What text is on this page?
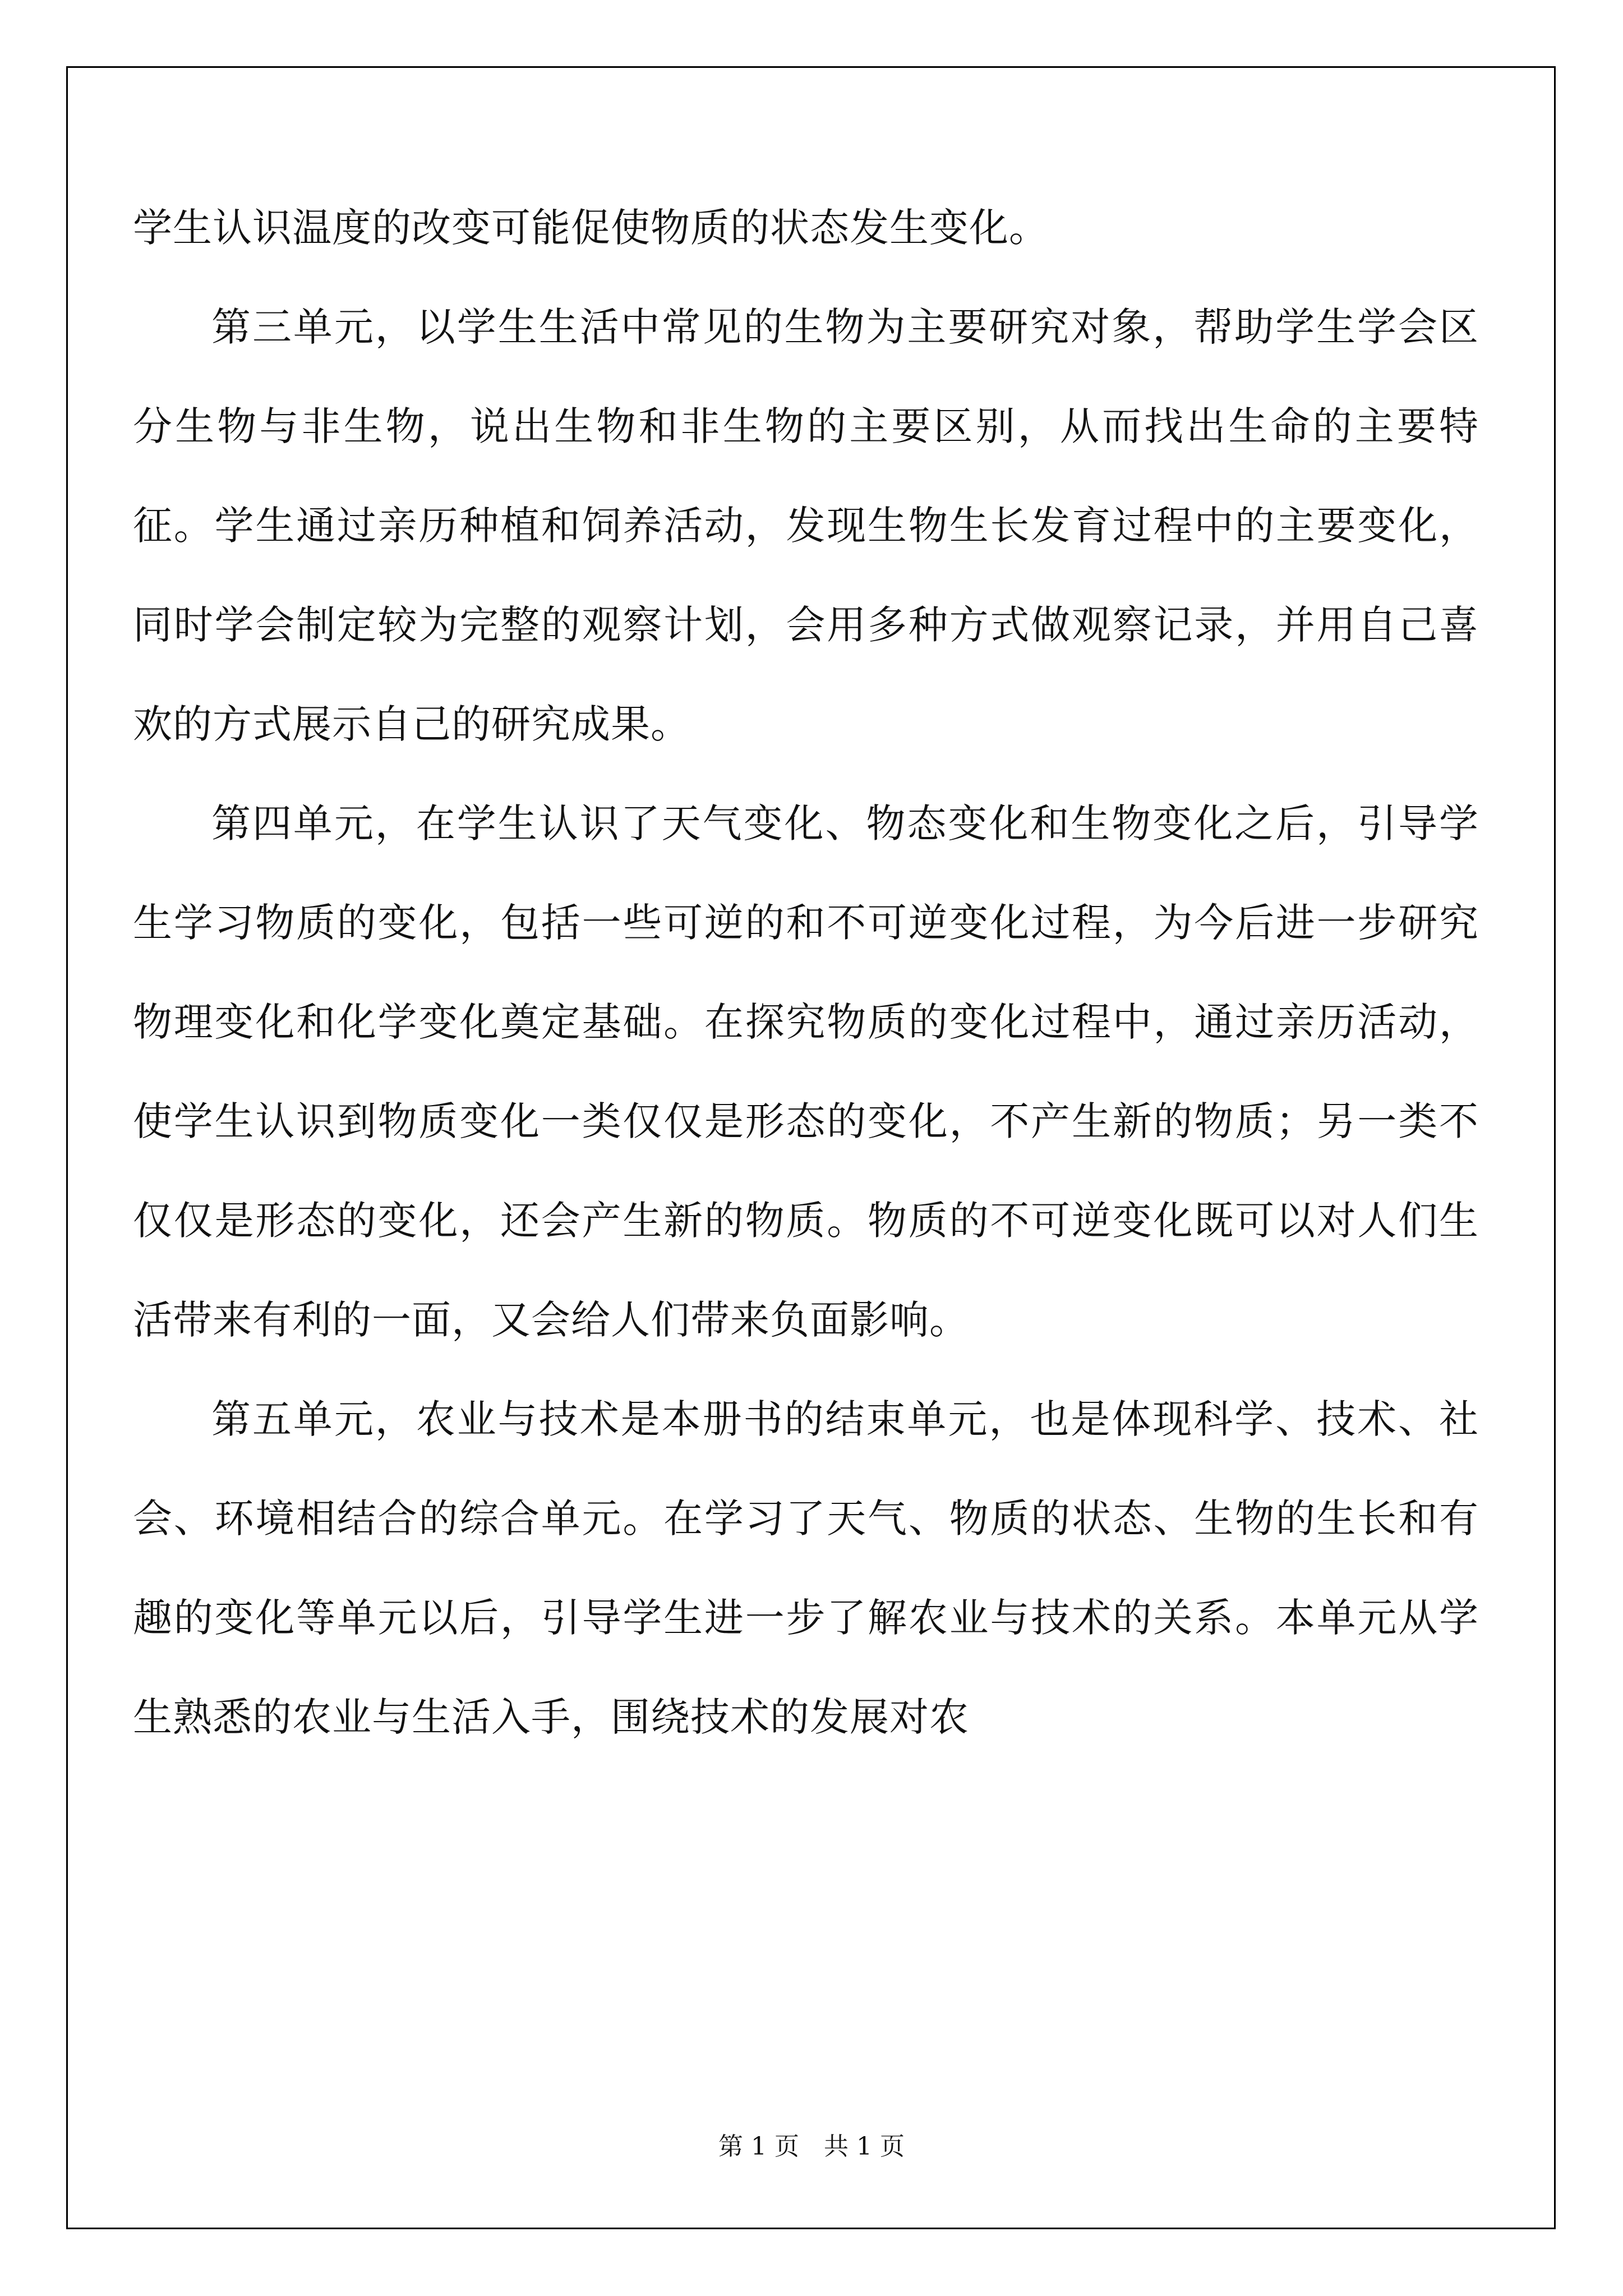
学生认识温度的改变可能促使物质的状态发生变化。

第三单元，以学生生活中常见的生物为主要研究对象，帮助学生学会区分生物与非生物，说出生物和非生物的主要区别，从而找出生命的主要特征。学生通过亲历种植和饲养活动，发现生物生长发育过程中的主要变化，同时学会制定较为完整的观察计划，会用多种方式做观察记录，并用自己喜欢的方式展示自己的研究成果。

第四单元，在学生认识了天气变化、物态变化和生物变化之后，引导学生学习物质的变化，包括一些可逆的和不可逆变化过程，为今后进一步研究物理变化和化学变化奠定基础。在探究物质的变化过程中，通过亲历活动，使学生认识到物质变化一类仅仅是形态的变化，不产生新的物质；另一类不仅仅是形态的变化，还会产生新的物质。物质的不可逆变化既可以对人们生活带来有利的一面，又会给人们带来负面影响。

第五单元，农业与技术是本册书的结束单元，也是体现科学、技术、社会、环境相结合的综合单元。在学习了天气、物质的状态、生物的生长和有趣的变化等单元以后，引导学生进一步了解农业与技术的关系。本单元从学生熟悉的农业与生活入手，围绕技术的发展对农

第 1 页　共 1 页
